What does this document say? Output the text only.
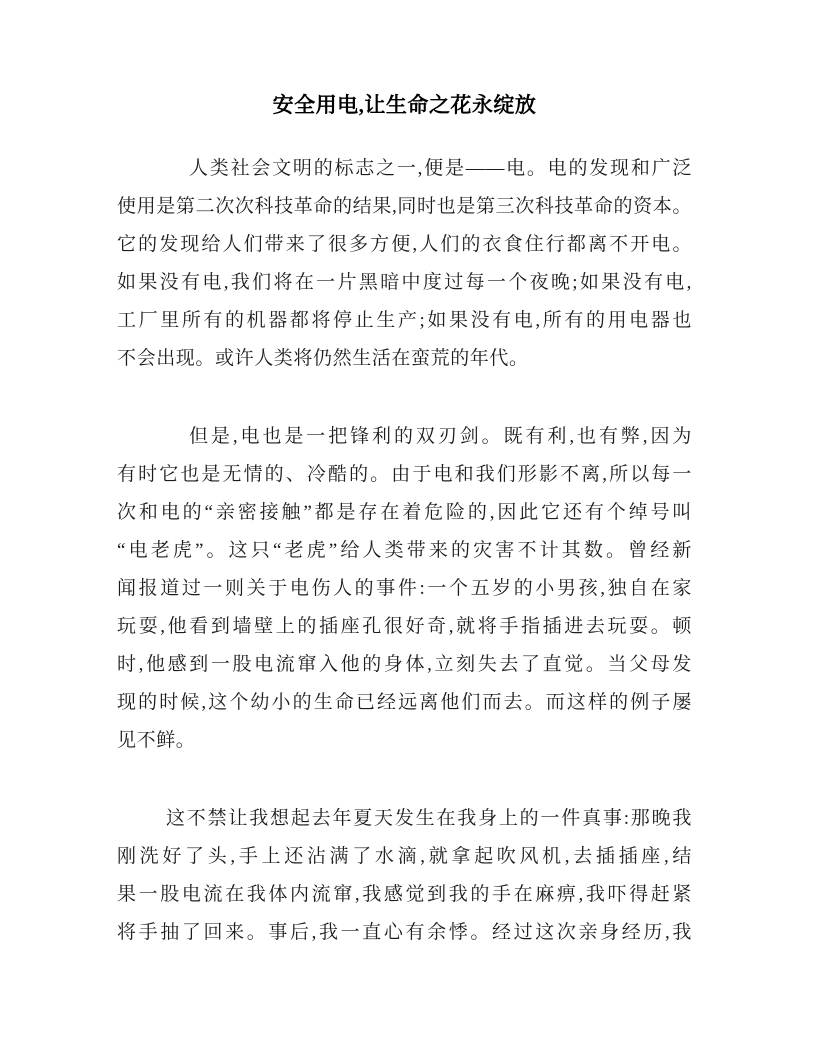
安全用电,让生命之花永绽放
人类社会文明的标志之一,便是——电。电的发现和广泛
使用是第二次次科技革命的结果,同时也是第三次科技革命的资本。
它的发现给人们带来了很多方便,人们的衣食住行都离不开电。
如果没有电,我们将在一片黑暗中度过每一个夜晚;如果没有电,
工厂里所有的机器都将停止生产;如果没有电,所有的用电器也
不会出现。或许人类将仍然生活在蛮荒的年代。
但是,电也是一把锋利的双刃剑。既有利,也有弊,因为
有时它也是无情的、冷酷的。由于电和我们形影不离,所以每一
次和电的“亲密接触”都是存在着危险的,因此它还有个绰号叫
“电老虎”。这只“老虎”给人类带来的灾害不计其数。曾经新
闻报道过一则关于电伤人的事件:一个五岁的小男孩,独自在家
玩耍,他看到墙壁上的插座孔很好奇,就将手指插进去玩耍。顿
时,他感到一股电流窜入他的身体,立刻失去了直觉。当父母发
现的时候,这个幼小的生命已经远离他们而去。而这样的例子屡
见不鲜。
这不禁让我想起去年夏天发生在我身上的一件真事:那晚我
刚洗好了头,手上还沾满了水滴,就拿起吹风机,去插插座,结
果一股电流在我体内流窜,我感觉到我的手在麻痹,我吓得赶紧
将手抽了回来。事后,我一直心有余悸。经过这次亲身经历,我
